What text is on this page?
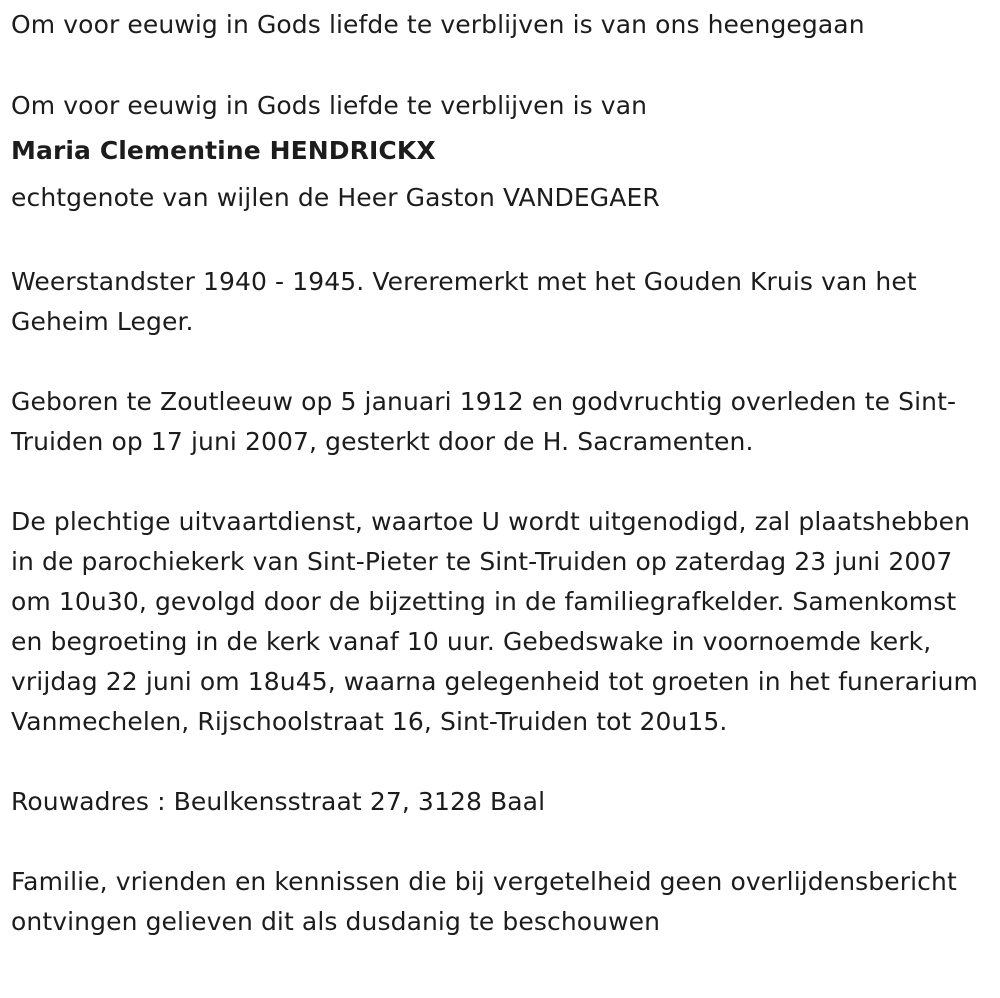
Om voor eeuwig in Gods liefde te verblijven is van ons heengegaan

Om voor eeuwig in Gods liefde te verblijven is van

Maria Clementine HENDRICKX

echtgenote van wijlen de Heer Gaston VANDEGAER

Weerstandster 1940 - 1945. Vereremerkt met het Gouden Kruis van het Geheim Leger.

Geboren te Zoutleeuw op 5 januari 1912 en godvruchtig overleden te Sint-Truiden op 17 juni 2007, gesterkt door de H. Sacramenten.

De plechtige uitvaartdienst, waartoe U wordt uitgenodigd, zal plaatshebben in de parochiekerk van Sint-Pieter te Sint-Truiden op zaterdag 23 juni 2007 om 10u30, gevolgd door de bijzetting in de familiegrafkelder. Samenkomst en begroeting in de kerk vanaf 10 uur. Gebedswake in voornoemde kerk, vrijdag 22 juni om 18u45, waarna gelegenheid tot groeten in het funerarium Vanmechelen, Rijschoolstraat 16, Sint-Truiden tot 20u15.

Rouwadres : Beulkensstraat 27, 3128 Baal

Familie, vrienden en kennissen die bij vergetelheid geen overlijdensbericht ontvingen gelieven dit als dusdanig te beschouwen
